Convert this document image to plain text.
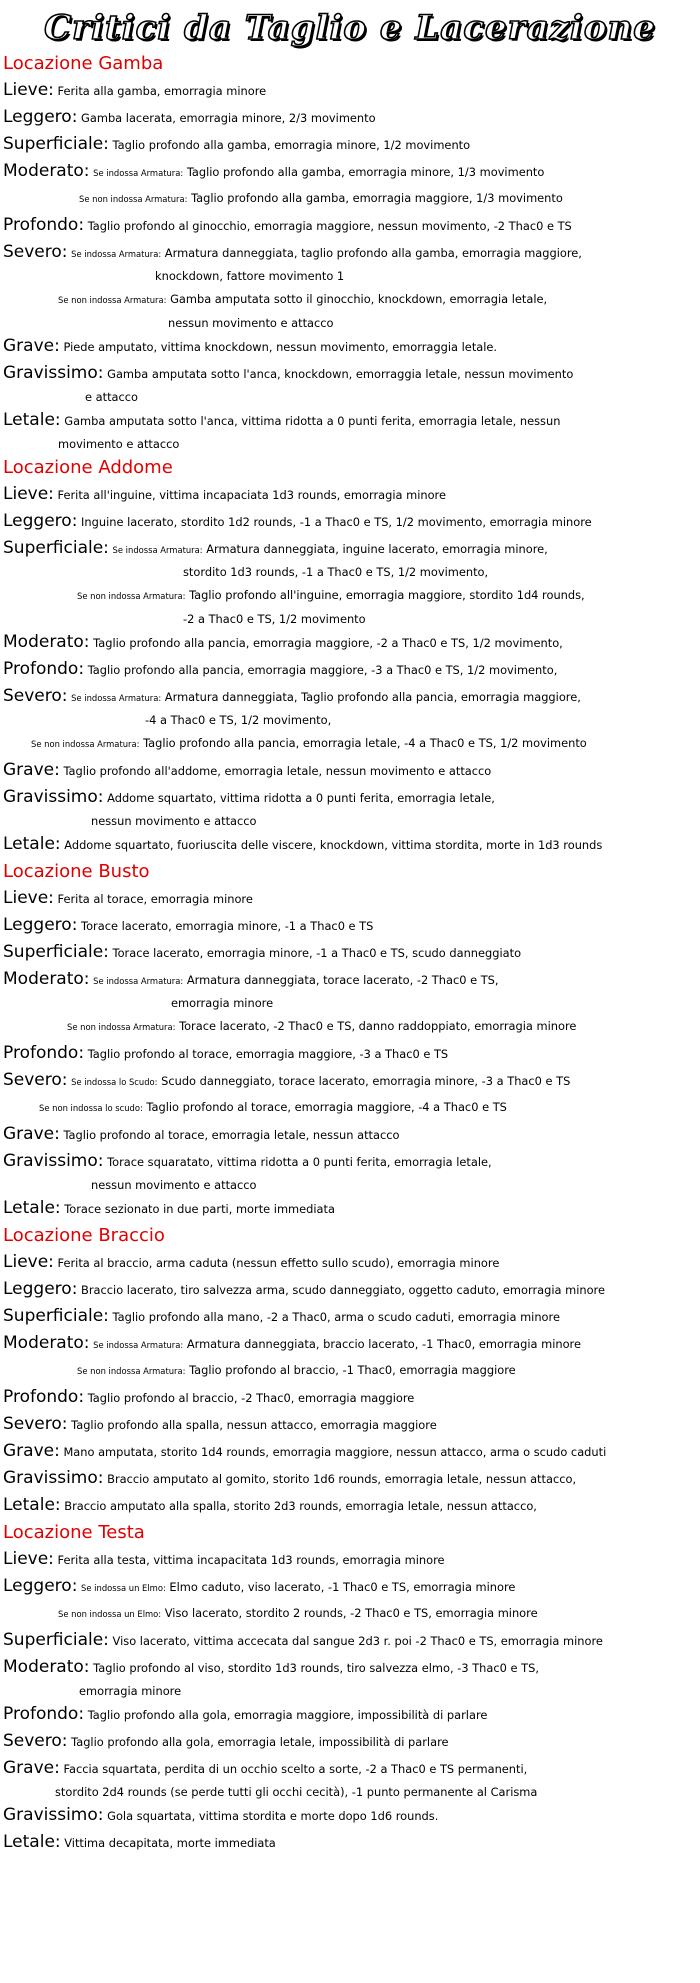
Critici da Taglio e Lacerazione
Locazione Gamba
Lieve: Ferita alla gamba, emorragia minore
Leggero: Gamba lacerata, emorragia minore, 2/3 movimento
Superficiale: Taglio profondo alla gamba, emorragia minore, 1/2 movimento
Moderato: Se indossa Armatura: Taglio profondo alla gamba, emorragia minore, 1/3 movimento
Se non indossa Armatura: Taglio profondo alla gamba, emorragia maggiore, 1/3 movimento
Profondo: Taglio profondo al ginocchio, emorragia maggiore, nessun movimento, -2 Thac0 e TS
Severo: Se indossa Armatura: Armatura danneggiata, taglio profondo alla gamba, emorragia maggiore,
knockdown, fattore movimento 1
Se non indossa Armatura: Gamba amputata sotto il ginocchio, knockdown, emorragia letale,
nessun movimento e attacco
Grave: Piede amputato, vittima knockdown, nessun movimento, emorraggia letale.
Gravissimo: Gamba amputata sotto l'anca, knockdown, emorraggia letale, nessun movimento
e attacco
Letale: Gamba amputata sotto l'anca, vittima ridotta a 0 punti ferita, emorragia letale, nessun
movimento e attacco
Locazione Addome
Lieve: Ferita all'inguine, vittima incapaciata 1d3 rounds, emorragia minore
Leggero: Inguine lacerato, stordito 1d2 rounds, -1 a Thac0 e TS, 1/2 movimento, emorragia minore
Superficiale: Se indossa Armatura: Armatura danneggiata, inguine lacerato, emorragia minore,
stordito 1d3 rounds, -1 a Thac0 e TS, 1/2 movimento,
Se non indossa Armatura: Taglio profondo all'inguine, emorragia maggiore, stordito 1d4 rounds,
-2 a Thac0 e TS, 1/2 movimento
Moderato: Taglio profondo alla pancia, emorragia maggiore, -2 a Thac0 e TS, 1/2 movimento,
Profondo: Taglio profondo alla pancia, emorragia maggiore, -3 a Thac0 e TS, 1/2 movimento,
Severo: Se indossa Armatura: Armatura danneggiata, Taglio profondo alla pancia, emorragia maggiore,
-4 a Thac0 e TS, 1/2 movimento,
Se non indossa Armatura: Taglio profondo alla pancia, emorragia letale, -4 a Thac0 e TS, 1/2 movimento
Grave: Taglio profondo all'addome, emorragia letale, nessun movimento e attacco
Gravissimo: Addome squartato, vittima ridotta a 0 punti ferita, emorragia letale,
nessun movimento e attacco
Letale: Addome squartato, fuoriuscita delle viscere, knockdown, vittima stordita, morte in 1d3 rounds
Locazione Busto
Lieve: Ferita al torace, emorragia minore
Leggero: Torace lacerato, emorragia minore, -1 a Thac0 e TS
Superficiale: Torace lacerato, emorragia minore, -1 a Thac0 e TS, scudo danneggiato
Moderato: Se indossa Armatura: Armatura danneggiata, torace lacerato, -2 Thac0 e TS,
emorragia minore
Se non indossa Armatura: Torace lacerato, -2 Thac0 e TS, danno raddoppiato, emorragia minore
Profondo: Taglio profondo al torace, emorragia maggiore, -3 a Thac0 e TS
Severo: Se indossa lo Scudo: Scudo danneggiato, torace lacerato, emorragia minore, -3 a Thac0 e TS
Se non indossa lo scudo: Taglio profondo al torace, emorragia maggiore, -4 a Thac0 e TS
Grave: Taglio profondo al torace, emorragia letale, nessun attacco
Gravissimo: Torace squaratato, vittima ridotta a 0 punti ferita, emorragia letale,
nessun movimento e attacco
Letale: Torace sezionato in due parti, morte immediata
Locazione Braccio
Lieve: Ferita al braccio, arma caduta (nessun effetto sullo scudo), emorragia minore
Leggero: Braccio lacerato, tiro salvezza arma, scudo danneggiato, oggetto caduto, emorragia minore
Superficiale: Taglio profondo alla mano, -2 a Thac0, arma o scudo caduti, emorragia minore
Moderato: Se indossa Armatura: Armatura danneggiata, braccio lacerato, -1 Thac0, emorragia minore
Se non indossa Armatura: Taglio profondo al braccio, -1 Thac0, emorragia maggiore
Profondo: Taglio profondo al braccio, -2 Thac0, emorragia maggiore
Severo: Taglio profondo alla spalla, nessun attacco, emorragia maggiore
Grave: Mano amputata, storito 1d4 rounds, emorragia maggiore, nessun attacco, arma o scudo caduti
Gravissimo: Braccio amputato al gomito, storito 1d6 rounds, emorragia letale, nessun attacco,
Letale: Braccio amputato alla spalla, storito 2d3 rounds, emorragia letale, nessun attacco,
Locazione Testa
Lieve: Ferita alla testa, vittima incapacitata 1d3 rounds, emorragia minore
Leggero: Se indossa un Elmo: Elmo caduto, viso lacerato, -1 Thac0 e TS, emorragia minore
Se non indossa un Elmo: Viso lacerato, stordito 2 rounds, -2 Thac0 e TS, emorragia minore
Superficiale: Viso lacerato, vittima accecata dal sangue 2d3 r. poi -2 Thac0 e TS, emorragia minore
Moderato: Taglio profondo al viso, stordito 1d3 rounds, tiro salvezza elmo, -3 Thac0 e TS,
emorragia minore
Profondo: Taglio profondo alla gola, emorragia maggiore, impossibilità di parlare
Severo: Taglio profondo alla gola, emorragia letale, impossibilità di parlare
Grave: Faccia squartata, perdita di un occhio scelto a sorte, -2 a Thac0 e TS permanenti,
stordito 2d4 rounds (se perde tutti gli occhi cecità), -1 punto permanente al Carisma
Gravissimo: Gola squartata, vittima stordita e morte dopo 1d6 rounds.
Letale: Vittima decapitata, morte immediata
